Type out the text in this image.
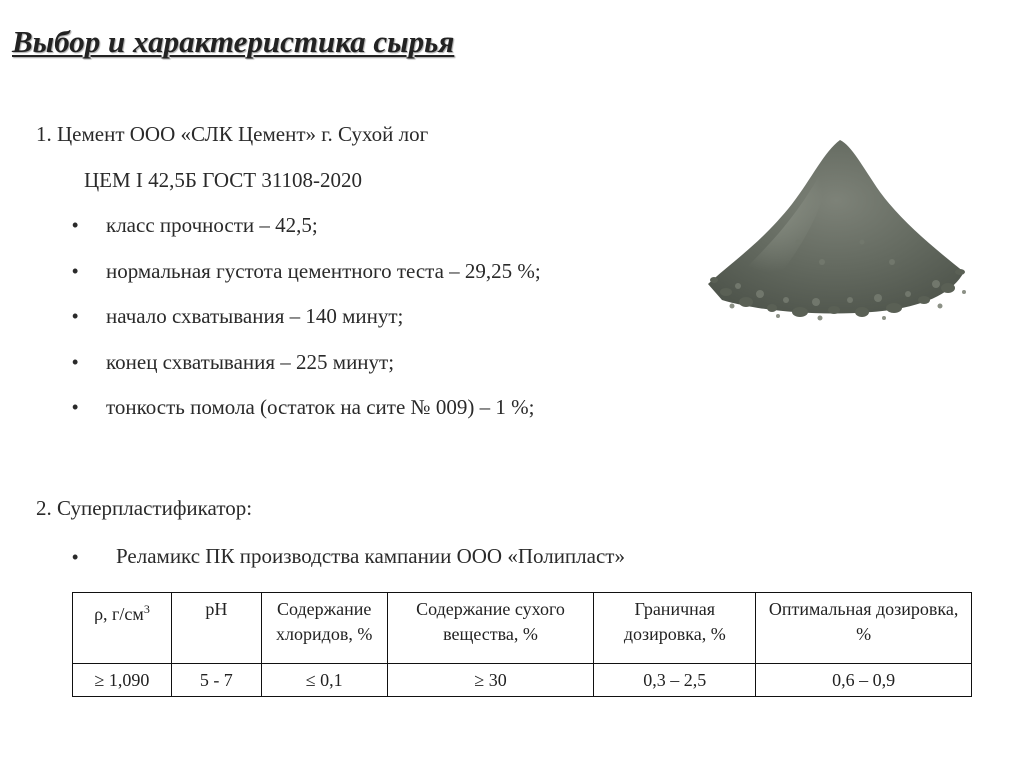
Выбор и характеристика сырья
1. Цемент ООО «СЛК Цемент» г. Сухой лог
ЦЕМ I 42,5Б ГОСТ 31108-2020
• класс прочности – 42,5;
• нормальная густота цементного теста – 29,25 %;
• начало схватывания – 140 минут;
• конец схватывания – 225 минут;
• тонкость помола (остаток на сите № 009) – 1 %;
2. Суперпластификатор:
• Реламикс ПК производства кампании ООО «Полипласт»
ρ, $г/см^3$	pH	Содержание хлоридов, %	Содержание сухого вещества, %	Граничная дозировка, %	Оптимальная дозировка, %
≥ 1,090	5 - 7	≤ 0,1	≥ 30	0,3 – 2,5	0,6 – 0,9
